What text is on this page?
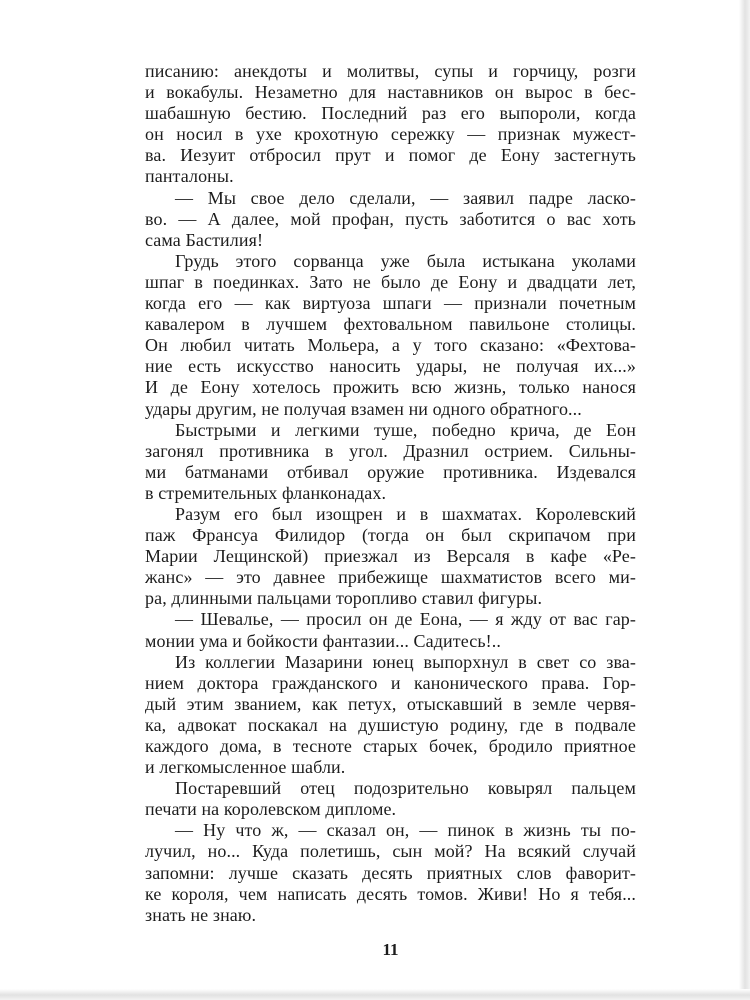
писанию: анекдоты и молитвы, супы и горчицу, розги
и вокабулы. Незаметно для наставников он вырос в бес-
шабашную бестию. Последний раз его выпороли, когда
он носил в ухе крохотную сережку — признак мужест-
ва. Иезуит отбросил прут и помог де Еону застегнуть
панталоны.
— Мы свое дело сделали, — заявил падре ласко-
во. — А далее, мой профан, пусть заботится о вас хоть
сама Бастилия!
Грудь этого сорванца уже была истыкана уколами
шпаг в поединках. Зато не было де Еону и двадцати лет,
когда его — как виртуоза шпаги — признали почетным
кавалером в лучшем фехтовальном павильоне столицы.
Он любил читать Мольера, а у того сказано: «Фехтова-
ние есть искусство наносить удары, не получая их...»
И де Еону хотелось прожить всю жизнь, только нанося
удары другим, не получая взамен ни одного обратного...
Быстрыми и легкими туше, победно крича, де Еон
загонял противника в угол. Дразнил острием. Сильны-
ми батманами отбивал оружие противника. Издевался
в стремительных фланконадах.
Разум его был изощрен и в шахматах. Королевский
паж Франсуа Филидор (тогда он был скрипачом при
Марии Лещинской) приезжал из Версаля в кафе «Ре-
жанс» — это давнее прибежище шахматистов всего ми-
ра, длинными пальцами торопливо ставил фигуры.
— Шевалье, — просил он де Еона, — я жду от вас гар-
монии ума и бойкости фантазии... Садитесь!..
Из коллегии Мазарини юнец выпорхнул в свет со зва-
нием доктора гражданского и канонического права. Гор-
дый этим званием, как петух, отыскавший в земле червя-
ка, адвокат поскакал на душистую родину, где в подвале
каждого дома, в тесноте старых бочек, бродило приятное
и легкомысленное шабли.
Постаревший отец подозрительно ковырял пальцем
печати на королевском дипломе.
— Ну что ж, — сказал он, — пинок в жизнь ты по-
лучил, но... Куда полетишь, сын мой? На всякий случай
запомни: лучше сказать десять приятных слов фаворит-
ке короля, чем написать десять томов. Живи! Но я тебя...
знать не знаю.
11
